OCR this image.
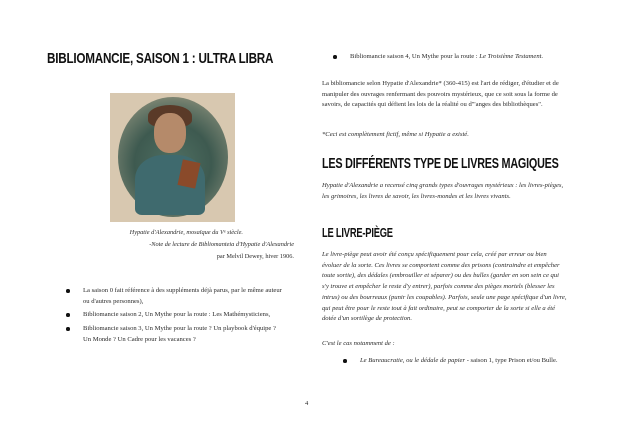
BIBLIOMANCIE, SAISON 1 : ULTRA LIBRA
Hypatie d'Alexandrie, mosaïque du Vᵉ siècle.
-Note de lecture de Bibliomanteia d'Hypatie d'Alexandrie
par Melvil Dewey, hiver 1906.
La saison 0 fait référence à des suppléments déjà parus, par le même auteur ou d'autres personnes),
Bibliomancie saison 2, Un Mythe pour la route : Les Mathémysticiens,
Bibliomancie saison 3, Un Mythe pour la route ? Un playbook d'équipe ? Un Monde ? Un Cadre pour les vacances ?
Bibliomancie saison 4, Un Mythe pour la route : Le Troisième Testament.
La bibliomancie selon Hypatie d'Alexandrie* (360-415) est l'art de rédiger, d'étudier et de manipuler des ouvrages renfermant des pouvoirs mystérieux, que ce soit sous la forme de savoirs, de capacités qui défient les lois de la réalité ou d'"anges des bibliothèques".
*Ceci est complètement fictif, même si Hypatie a existé.
LES DIFFÉRENTS TYPE DE LIVRES MAGIQUES
Hypatie d'Alexandrie a recensé cinq grands types d'ouvrages mystérieux : les livres-pièges, les grimoires, les livres de savoir, les livres-mondes et les livres vivants.
LE LIVRE-PIÈGE
Le livre-piège peut avoir été conçu spécifiquement pour cela, créé par erreur ou bien évoluer de la sorte. Ces livres se comportent comme des prisons (contraindre et empêcher toute sortie), des dédales (embrouiller et séparer) ou des bulles (garder en son sein ce qui s'y trouve et empêcher le reste d'y entrer), parfois comme des pièges mortels (blesser les intrus) ou des bourreaux (punir les coupables). Parfois, seule une page spécifique d'un livre, qui peut être pour le reste tout à fait ordinaire, peut se comporter de la sorte si elle a été dotée d'un sortilège de protection.
C'est le cas notamment de :
Le Bureaucratie, ou le dédale de papier - saison 1, type Prison et/ou Bulle.
4
